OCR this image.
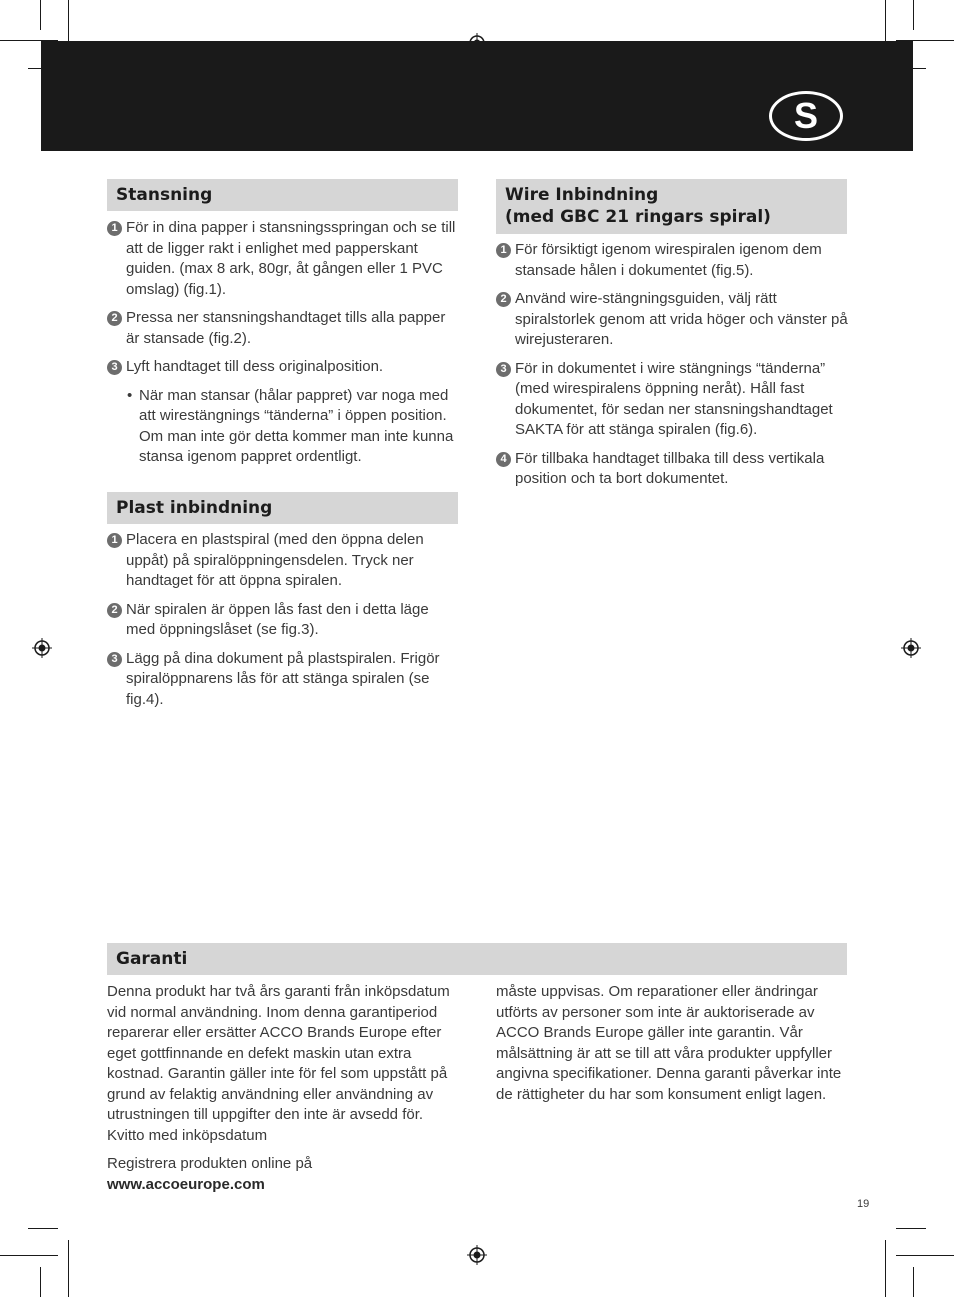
S
Stansning
1 För in dina papper i stansningsspringan och se till att de ligger rakt i enlighet med papperskant guiden. (max 8 ark, 80gr, åt gången eller 1 PVC omslag) (fig.1).
2 Pressa ner stansningshandtaget tills alla papper är stansade (fig.2).
3 Lyft handtaget till dess originalposition.
• När man stansar (hålar pappret) var noga med att wirestängnings “tänderna” i öppen position. Om man inte gör detta kommer man inte kunna stansa igenom pappret ordentligt.
Plast inbindning
1 Placera en plastspiral (med den öppna delen uppåt) på spiralöppningensdelen. Tryck ner handtaget för att öppna spiralen.
2 När spiralen är öppen lås fast den i detta läge med öppningslåset (se fig.3).
3 Lägg på dina dokument på plastspiralen. Frigör spiralöppnarens lås för att stänga spiralen (se fig.4).
Wire Inbindning
(med GBC 21 ringars spiral)
1 För försiktigt igenom wirespiralen igenom dem stansade hålen i dokumentet (fig.5).
2 Använd wire-stängningsguiden, välj rätt spiralstorlek genom att vrida höger och vänster på wirejusteraren.
3 För in dokumentet i wire stängnings “tänderna” (med wirespiralens öppning neråt). Håll fast dokumentet, för sedan ner stansningshandtaget SAKTA för att stänga spiralen (fig.6).
4 För tillbaka handtaget tillbaka till dess vertikala position och ta bort dokumentet.
Garanti

Denna produkt har två års garanti från inköpsdatum vid normal användning. Inom denna garantiperiod reparerar eller ersätter ACCO Brands Europe efter eget gottfinnande en defekt maskin utan extra kostnad. Garantin gäller inte för fel som uppstått på grund av felaktig användning eller användning av utrustningen till uppgifter den inte är avsedd för. Kvitto med inköpsdatum

Registrera produkten online på www.accoeurope.com

måste uppvisas. Om reparationer eller ändringar utförts av personer som inte är auktoriserade av ACCO Brands Europe gäller inte garantin. Vår målsättning är att se till att våra produkter uppfyller angivna specifikationer. Denna garanti påverkar inte de rättigheter du har som konsument enligt lagen.

19
